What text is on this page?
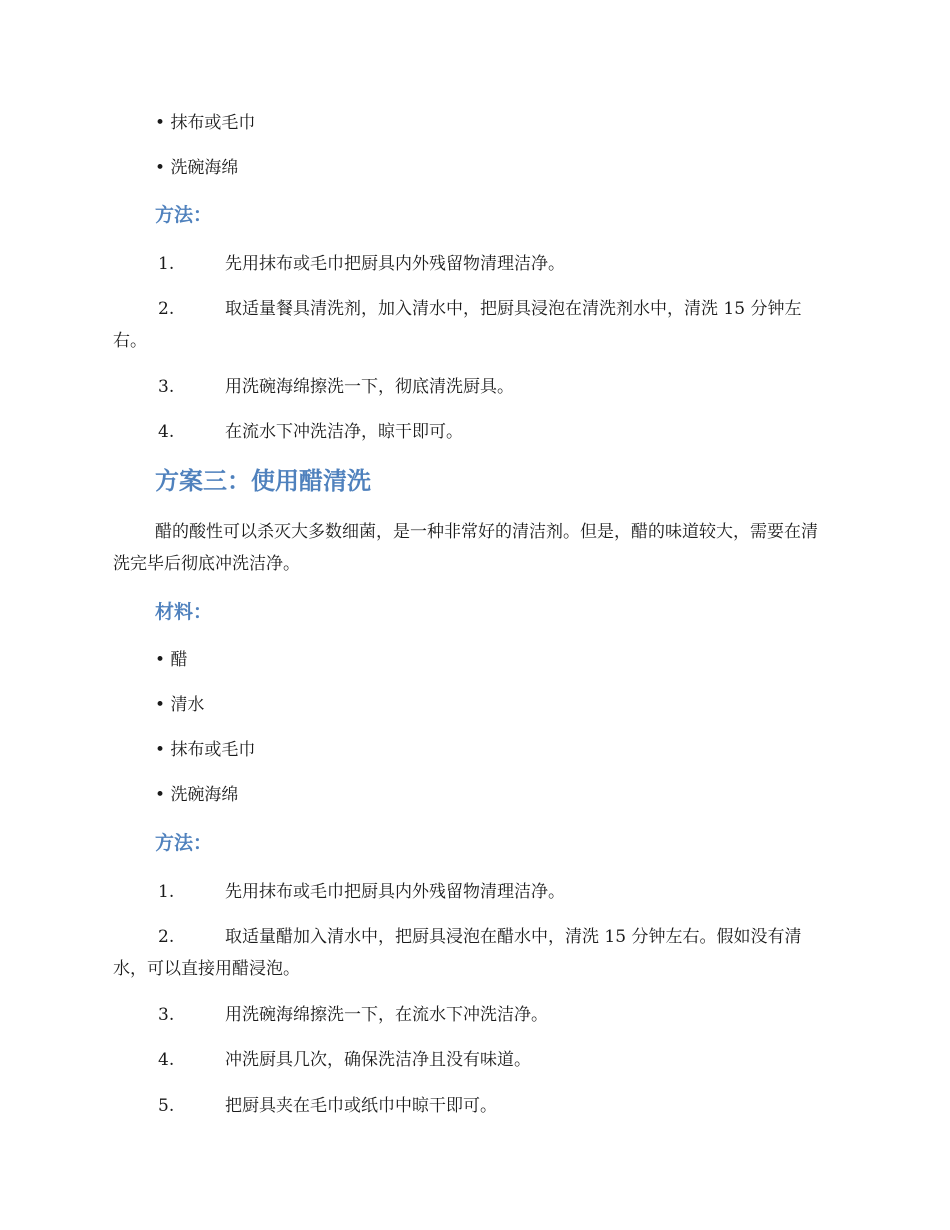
• 抹布或毛巾
• 洗碗海绵
方法：
1.	先用抹布或毛巾把厨具内外残留物清理洁净。
2.	取适量餐具清洗剂，加入清水中，把厨具浸泡在清洗剂水中，清洗 15 分钟左右。
3.	用洗碗海绵擦洗一下，彻底清洗厨具。
4.	在流水下冲洗洁净，晾干即可。
方案三：使用醋清洗
醋的酸性可以杀灭大多数细菌，是一种非常好的清洁剂。但是，醋的味道较大，需要在清洗完毕后彻底冲洗洁净。
材料：
• 醋
• 清水
• 抹布或毛巾
• 洗碗海绵
方法：
1.	先用抹布或毛巾把厨具内外残留物清理洁净。
2.	取适量醋加入清水中，把厨具浸泡在醋水中，清洗 15 分钟左右。假如没有清水，可以直接用醋浸泡。
3.	用洗碗海绵擦洗一下，在流水下冲洗洁净。
4.	冲洗厨具几次，确保洗洁净且没有味道。
5.	把厨具夹在毛巾或纸巾中晾干即可。
